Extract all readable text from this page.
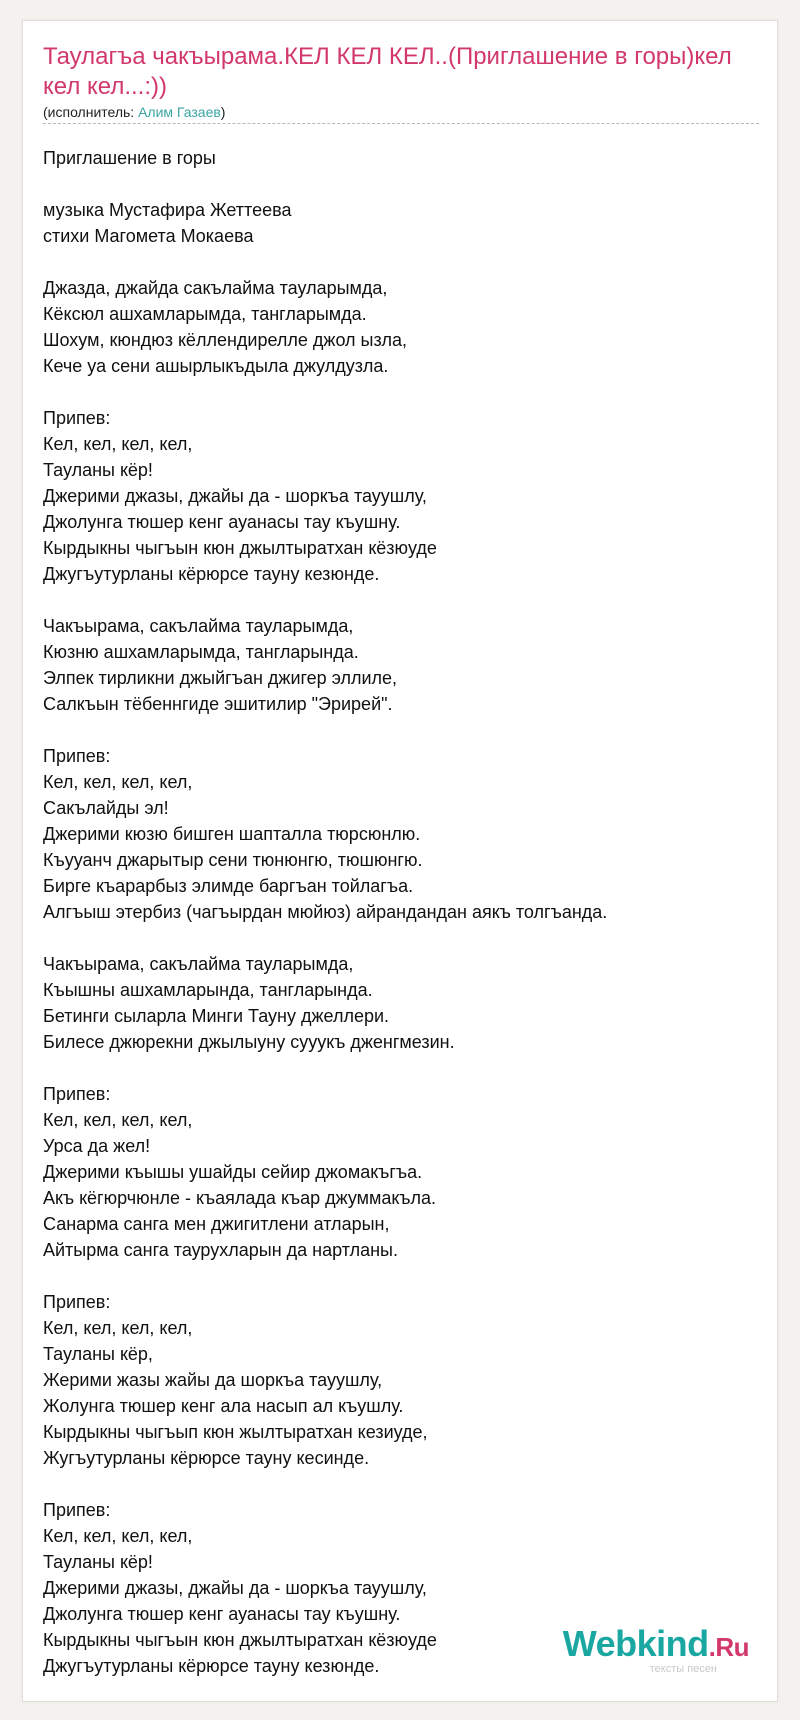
Таулагъа чакъырама.КЕЛ КЕЛ КЕЛ..(Приглашение в горы)кел кел кел...:))
(исполнитель: Алим Газаев)
Приглашение в горы
музыка Мустафира Жеттеева
стихи Магомета Мокаева
Джазда, джайда сакълайма тауларымда,
Кёксюл ашхамларымда, тангларымда.
Шохум, кюндюз кёллендирелле джол ызла,
Кече уа сени ашырлыкъдыла джулдузла.
Припев:
Кел, кел, кел, кел,
Тауланы кёр!
Джерими джазы, джайы да - шоркъа тауушлу,
Джолунга тюшер кенг ауанасы тау къушну.
Кырдыкны чыгъын кюн джылтыратхан кёзюуде
Джугъутурланы кёрюрсе тауну кезюнде.
Чакъырама, сакълайма тауларымда,
Кюзню ашхамларымда, тангларында.
Элпек тирликни джыйгъан джигер эллиле,
Салкъын тёбеннгиде эшитилир "Эрирей".
Припев:
Кел, кел, кел, кел,
Сакълайды эл!
Джерими кюзю бишген шапталла тюрсюнлю.
Къууанч джарытыр сени тюнюнгю, тюшюнгю.
Бирге къарарбыз элимде баргъан тойлагъа.
Алгъыш этербиз (чагъырдан мюйюз) айрандандан аякъ толгъанда.
Чакъырама, сакълайма тауларымда,
Къышны ашхамларында, тангларында.
Бетинги сыларла Минги Тауну джеллери.
Билесе джюрекни джылыуну сууукъ дженгмезин.
Припев:
Кел, кел, кел, кел,
Урса да жел!
Джерими къышы ушайды сейир джомакъгъа.
Акъ кёгюрчюнле - къаялада къар джуммакъла.
Санарма санга мен джигитлени атларын,
Айтырма санга таурухларын да нартланы.
Припев:
Кел, кел, кел, кел,
Тауланы кёр,
Жерими жазы жайы да шоркъа тауушлу,
Жолунга тюшер кенг ала насып ал къушлу.
Кырдыкны чыгъып кюн жылтыратхан кезиуде,
Жугъутурланы кёрюрсе тауну кесинде.
Припев:
Кел, кел, кел, кел,
Тауланы кёр!
Джерими джазы, джайы да - шоркъа тауушлу,
Джолунга тюшер кенг ауанасы тау къушну.
Кырдыкны чыгъын кюн джылтыратхан кёзюуде
Джугъутурланы кёрюрсе тауну кезюнде.
Webkind.Ru
тексты песен
